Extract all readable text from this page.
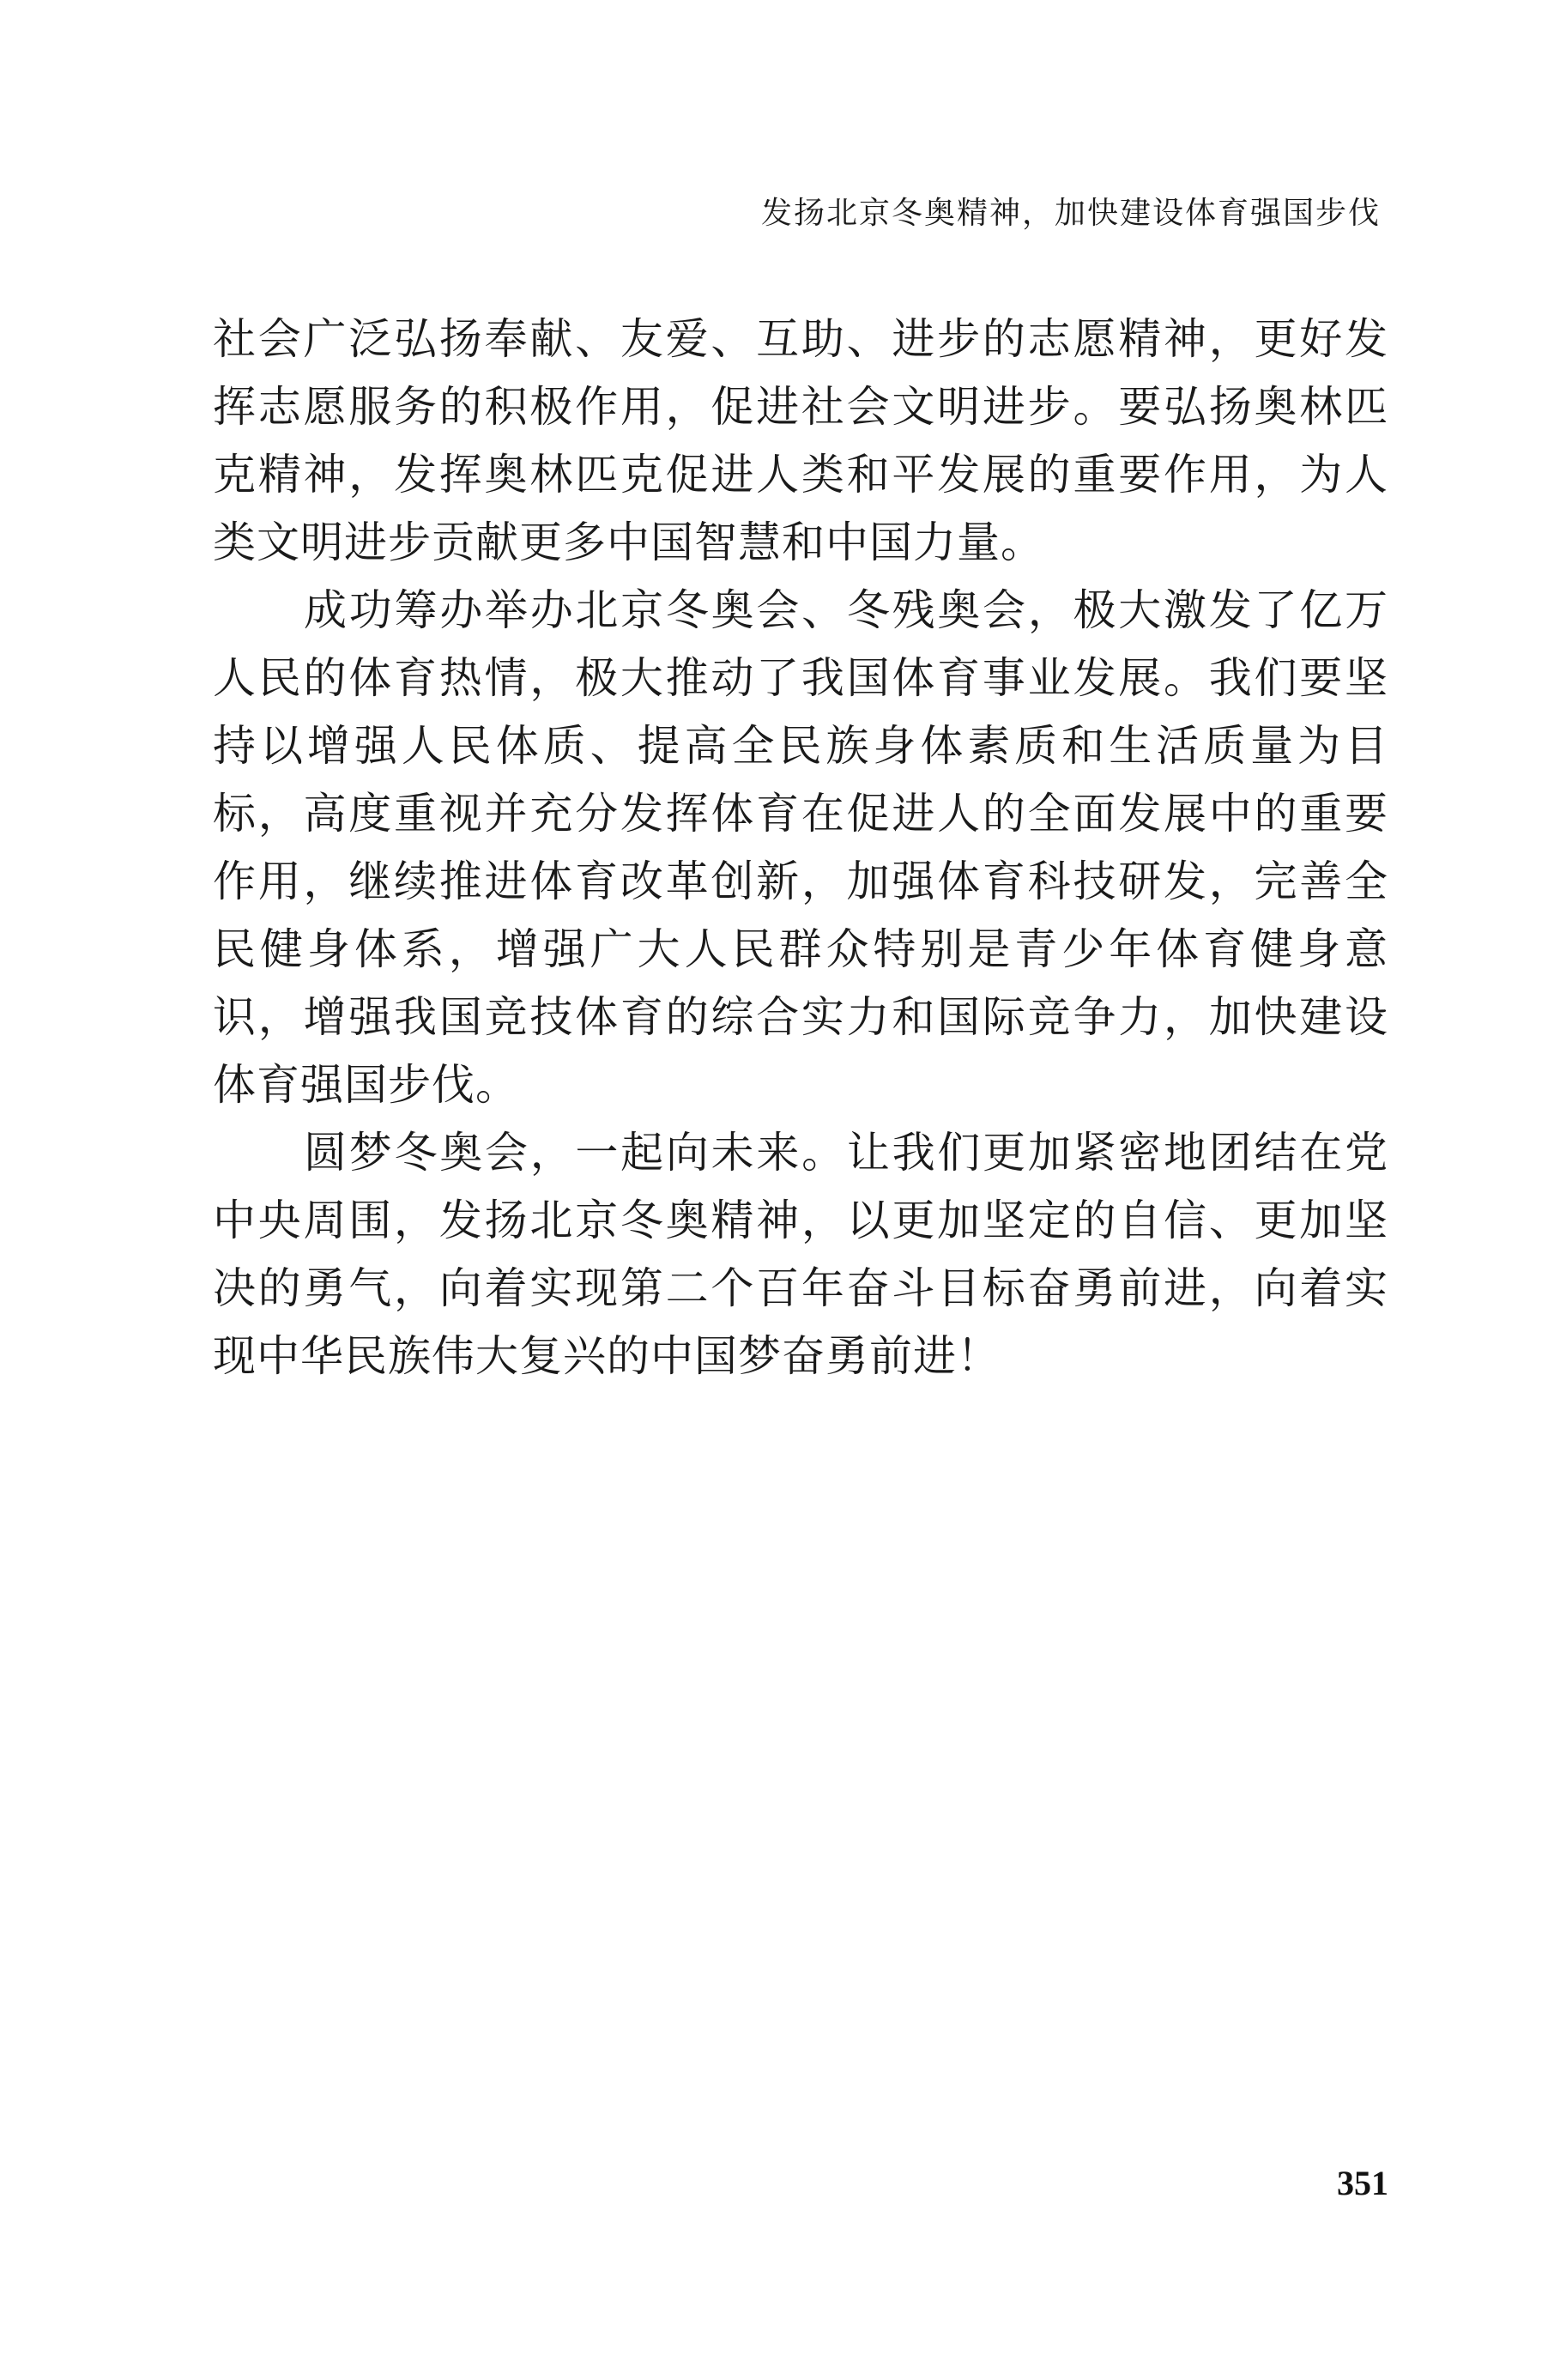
发扬北京冬奥精神，加快建设体育强国步伐

社会广泛弘扬奉献、友爱、互助、进步的志愿精神，更好发挥志愿服务的积极作用，促进社会文明进步。要弘扬奥林匹克精神，发挥奥林匹克促进人类和平发展的重要作用，为人类文明进步贡献更多中国智慧和中国力量。

成功筹办举办北京冬奥会、冬残奥会，极大激发了亿万人民的体育热情，极大推动了我国体育事业发展。我们要坚持以增强人民体质、提高全民族身体素质和生活质量为目标，高度重视并充分发挥体育在促进人的全面发展中的重要作用，继续推进体育改革创新，加强体育科技研发，完善全民健身体系，增强广大人民群众特别是青少年体育健身意识，增强我国竞技体育的综合实力和国际竞争力，加快建设体育强国步伐。

圆梦冬奥会，一起向未来。让我们更加紧密地团结在党中央周围，发扬北京冬奥精神，以更加坚定的自信、更加坚决的勇气，向着实现第二个百年奋斗目标奋勇前进，向着实现中华民族伟大复兴的中国梦奋勇前进！

351
